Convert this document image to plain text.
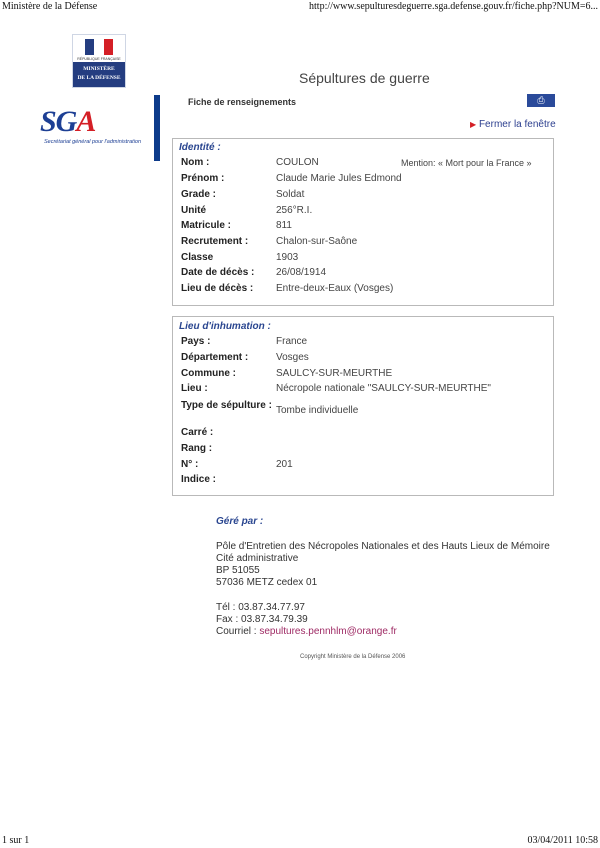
Ministère de la Défense	http://www.sepulturesdeguerre.sga.defense.gouv.fr/fiche.php?NUM=6...
1 sur 1	03/04/2011 10:58
RÉPUBLIQUE FRANÇAISE
MINISTÈRE
DE LA DÉFENSE	Sépultures de guerre
SGA
Secrétariat général pour l'administration
Fiche de renseignements	⎙
▶ Fermer la fenêtre
Identité :
Mention: « Mort pour la France »
Nom :	COULON
Prénom :	Claude Marie Jules Edmond
Grade :	Soldat
Unité	256°R.I.
Matricule :	811
Recrutement :	Chalon-sur-Saône
Classe	1903
Date de décès :	26/08/1914
Lieu de décès :	Entre-deux-Eaux (Vosges)
Lieu d'inhumation :
Pays :	France
Département :	Vosges
Commune :	SAULCY-SUR-MEURTHE
Lieu :	Nécropole nationale "SAULCY-SUR-MEURTHE"
Type de sépulture : Tombe individuelle
Carré :
Rang :
N° :	201
Indice :
Géré par :
Pôle d'Entretien des Nécropoles Nationales et des Hauts Lieux de Mémoire
Cité administrative
BP 51055
57036 METZ cedex 01
Tél : 03.87.34.77.97
Fax : 03.87.34.79.39
Courriel : sepultures.pennhlm@orange.fr
Copyright Ministère de la Défense 2006
